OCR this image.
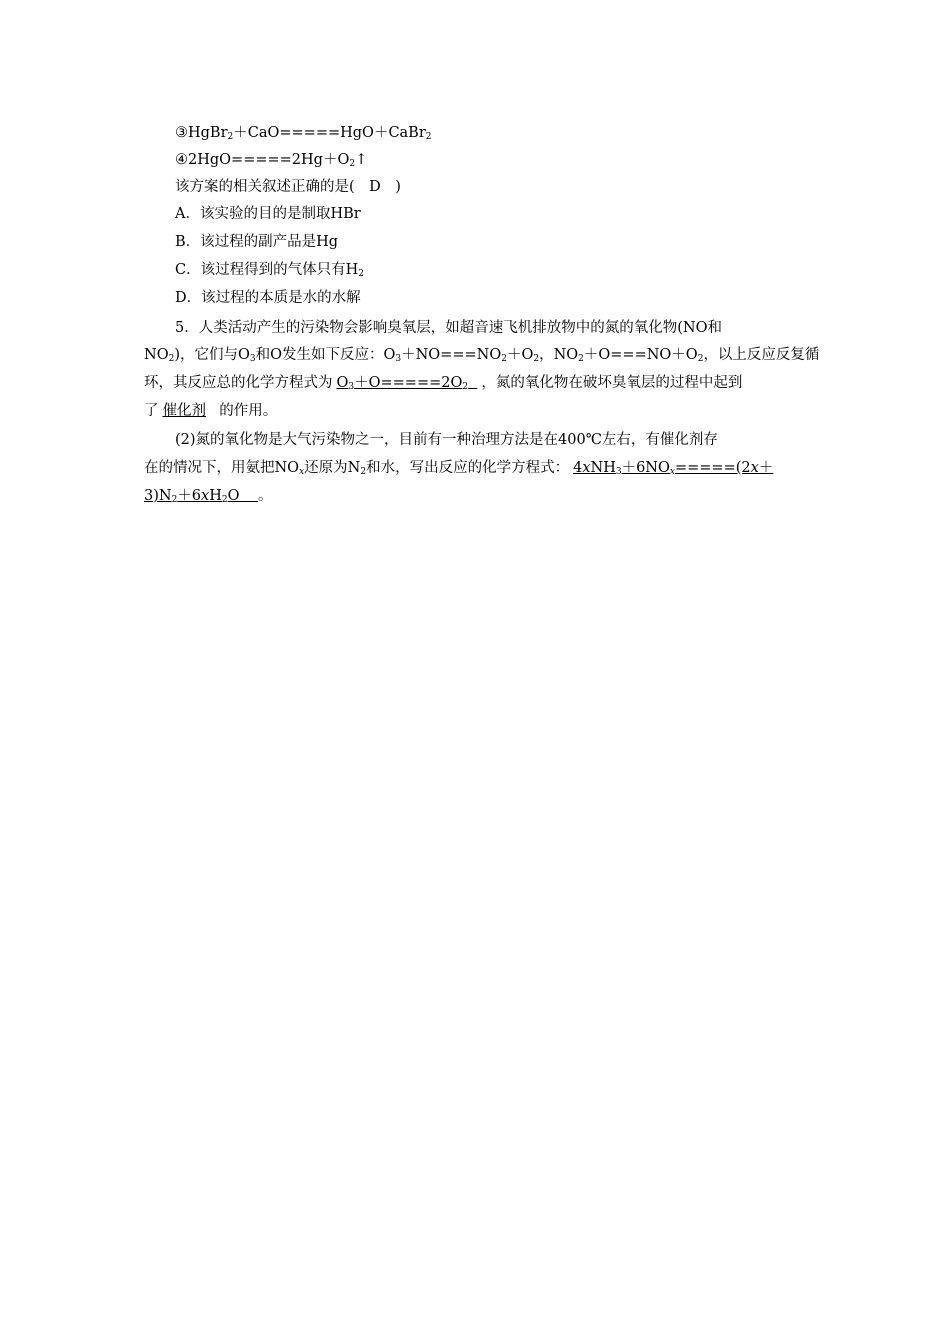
③HgBr$_2$＋CaO=====HgO＋CaBr$_2$
$④2HgO=====2Hg+O_2↑$
该方案的相关叙述正确的是(　D　)
A．该实验的目的是制取HBr
B．该过程的副产品是Hg
C．该过程得到的气体只有$H_2$
D．该过程的本质是水的水解
5．人类活动产生的污染物会影响臭氧层，如超音速飞机排放物中的氮的氧化物(NO和
$NO_2$)，它们与$O_3$和O发生如下反应：$O_3+NO===NO_2+O_2$，$NO_2+O===NO+O_2$，以上反应反复循
环，其反应总的化学方程式为 $O_3+O=====2O_2$ ，氮的氧化物在破坏臭氧层的过程中起到
了 催化剂 的作用。
(2)氮的氧化物是大气污染物之一，目前有一种治理方法是在400℃左右，有催化剂存
在的情况下，用氨把$NO_x$还原为$N_2$和水，写出反应的化学方程式： $4xNH_3+6NO_x=====(2x+$
$3)N_2+6xH_2O$ 。
